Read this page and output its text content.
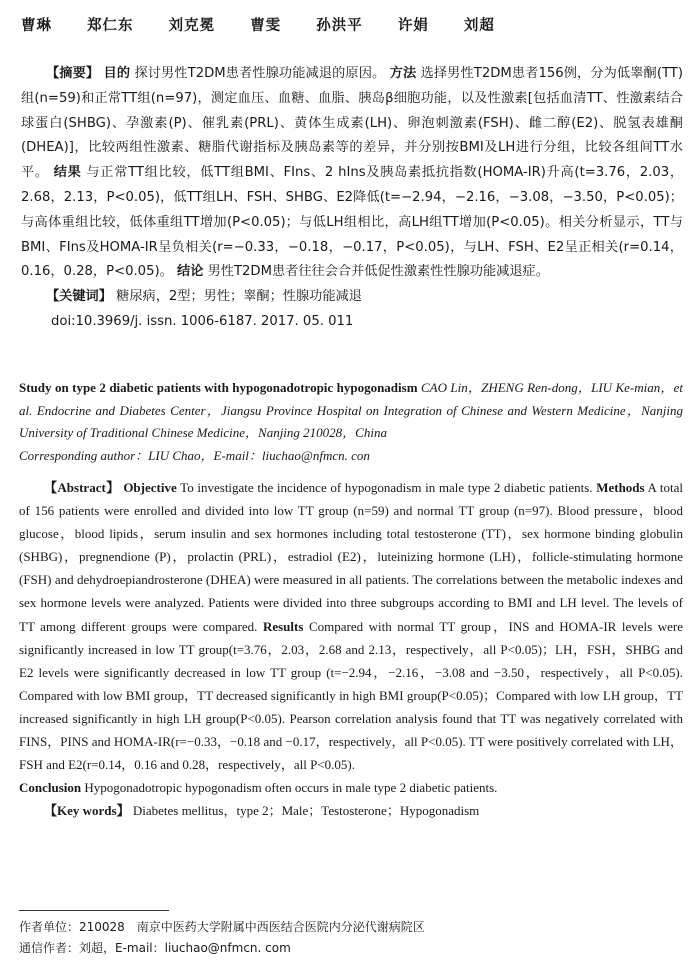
曹琳 郑仁东 刘克冕 曹雯 孙洪平 许娟 刘超

【摘要】 目的 探讨男性T2DM患者性腺功能减退的原因。 方法 选择男性T2DM患者156例，分为低睾酮(TT)组(n=59)和正常TT组(n=97)，测定血压、血糖、血脂、胰岛β细胞功能，以及性激素[包括血清TT、性激素结合球蛋白(SHBG)、孕激素(P)、催乳素(PRL)、黄体生成素(LH)、卵泡刺激素(FSH)、雌二醇(E2)、脱氢表雄酮(DHEA)]，比较两组性激素、糖脂代谢指标及胰岛素等的差异，并分别按BMI及LH进行分组，比较各组间TT水平。 结果 与正常TT组比较，低TT组BMI、FIns、2 hIns及胰岛素抵抗指数(HOMA-IR)升高(t=3.76，2.03，2.68，2.13，P<0.05)，低TT组LH、FSH、SHBG、E2降低(t=−2.94，−2.16，−3.08，−3.50，P<0.05)；与高体重组比较，低体重组TT增加(P<0.05)；与低LH组相比，高LH组TT增加(P<0.05)。相关分析显示，TT与BMI、FIns及HOMA-IR呈负相关(r=−0.33，−0.18，−0.17，P<0.05)，与LH、FSH、E2呈正相关(r=0.14，0.16，0.28，P<0.05)。 结论 男性T2DM患者往往会合并低促性激素性性腺功能减退症。

【关键词】 糖尿病，2型；男性；睾酮；性腺功能减退

doi:10.3969/j. issn. 1006-6187. 2017. 05. 011

Study on type 2 diabetic patients with hypogonadotropic hypogonadism CAO Lin，ZHENG Ren-dong，LIU Ke-mian，et al. Endocrine and Diabetes Center，Jiangsu Province Hospital on Integration of Chinese and Western Medicine，Nanjing University of Traditional Chinese Medicine，Nanjing 210028，China

Corresponding author：LIU Chao，E-mail：liuchao@nfmcn. con

【Abstract】 Objective To investigate the incidence of hypogonadism in male type 2 diabetic patients. Methods A total of 156 patients were enrolled and divided into low TT group (n=59) and normal TT group (n=97). Blood pressure，blood glucose，blood lipids，serum insulin and sex hormones including total testosterone (TT)，sex hormone binding globulin (SHBG)，pregnendione (P)，prolactin (PRL)，estradiol (E2)，luteinizing hormone (LH)，follicle-stimulating hormone (FSH) and dehydroepiandrosterone (DHEA) were measured in all patients. The correlations between the metabolic indexes and sex hormone levels were analyzed. Patients were divided into three subgroups according to BMI and LH level. The levels of TT among different groups were compared. Results Compared with normal TT group，INS and HOMA-IR levels were significantly increased in low TT group(t=3.76，2.03，2.68 and 2.13，respectively，all P<0.05)；LH，FSH，SHBG and E2 levels were significantly decreased in low TT group (t=−2.94，−2.16，−3.08 and −3.50，respectively，all P<0.05). Compared with low BMI group，TT decreased significantly in high BMI group(P<0.05)；Compared with low LH group，TT increased significantly in high LH group(P<0.05). Pearson correlation analysis found that TT was negatively correlated with FINS，PINS and HOMA-IR(r=−0.33，−0.18 and −0.17，respectively，all P<0.05). TT were positively correlated with LH，FSH and E2(r=0.14，0.16 and 0.28，respectively，all P<0.05).

Conclusion Hypogonadotropic hypogonadism often occurs in male type 2 diabetic patients.

【Key words】 Diabetes mellitus，type 2；Male；Testosterone；Hypogonadism

作者单位：210028　南京中医药大学附属中西医结合医院内分泌代谢病院区

通信作者：刘超，E-mail：liuchao@nfmcn. com
